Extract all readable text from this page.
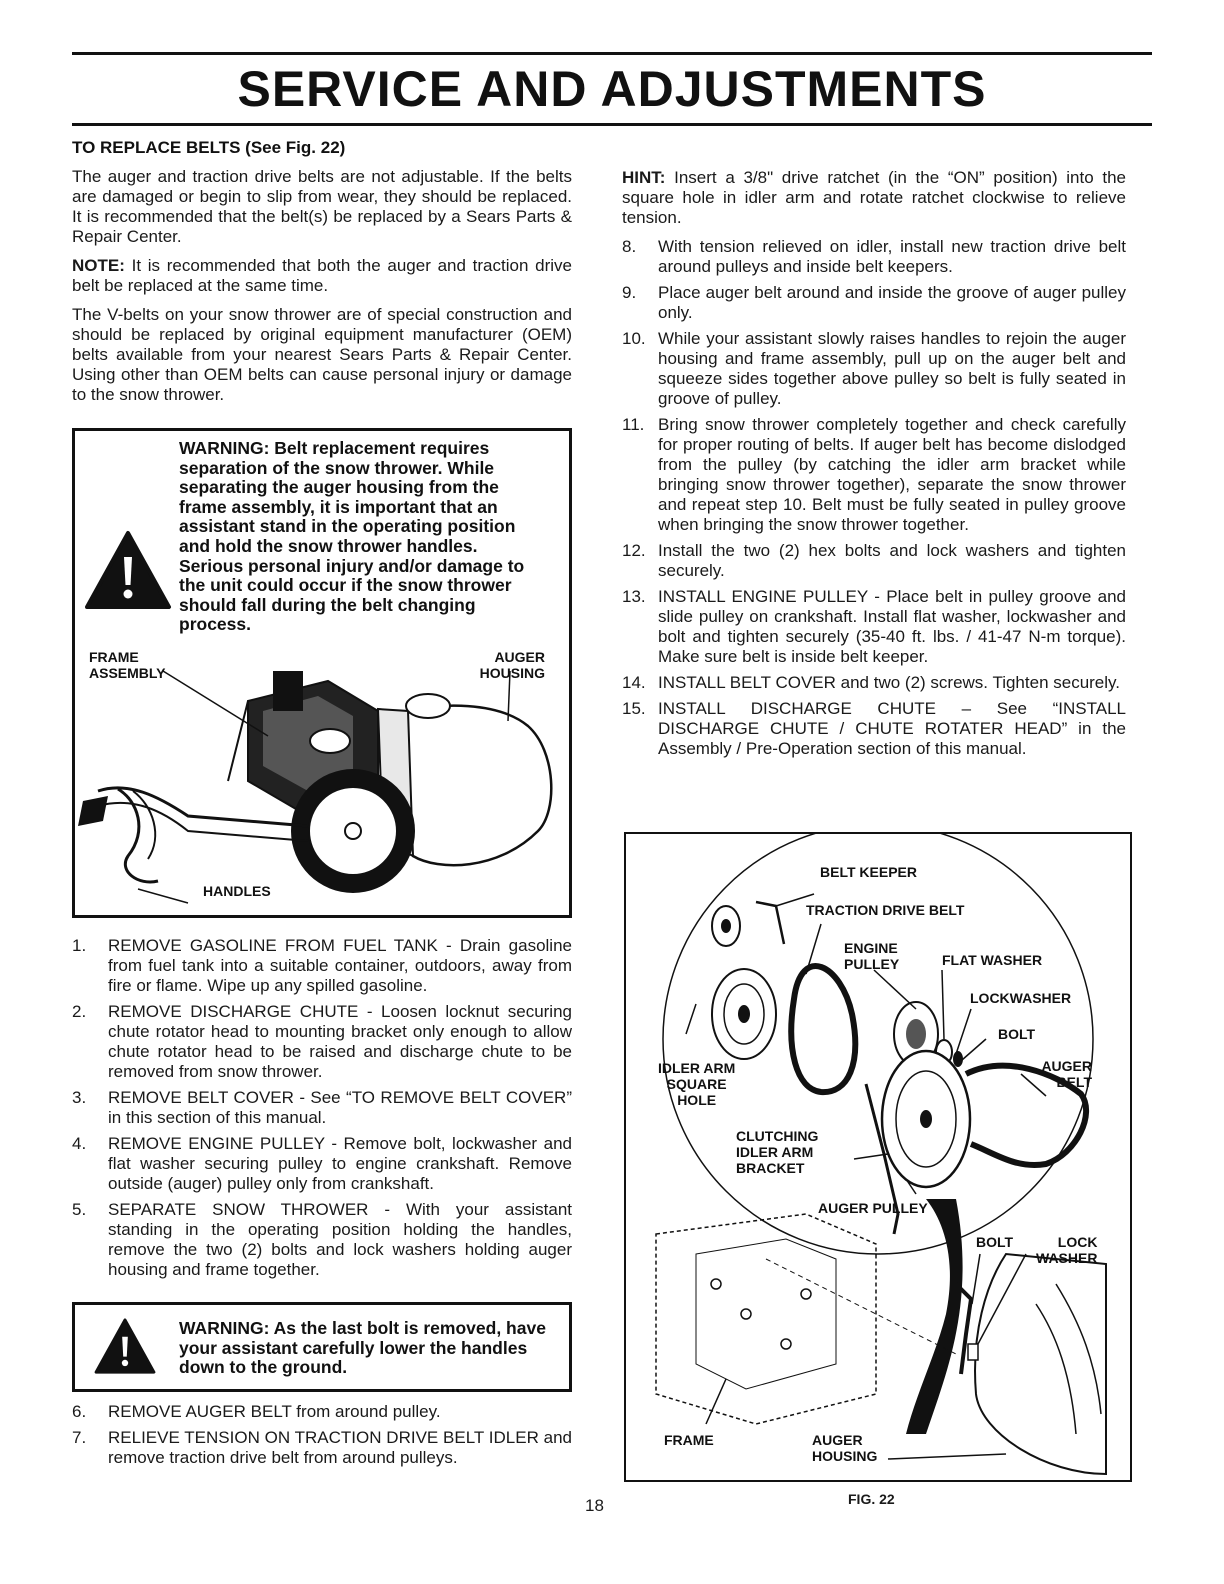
SERVICE AND ADJUSTMENTS
TO REPLACE BELTS (See Fig. 22)

The auger and traction drive belts are not adjustable. If the belts are damaged or begin to slip from wear, they should be replaced. It is recommended that the belt(s) be replaced by a Sears Parts & Repair Center.

NOTE: It is recommended that both the auger and traction drive belt be replaced at the same time.

The V-belts on your snow thrower are of special construction and should be replaced by original equipment manufacturer (OEM) belts available from your nearest Sears Parts & Repair Center. Using other than OEM belts can cause personal injury or damage to the snow thrower.

WARNING: Belt replacement requires separation of the snow thrower. While separating the auger housing from the frame assembly, it is important that an assistant stand in the operating position and hold the snow thrower handles. Serious personal injury and/or damage to the unit could occur if the snow thrower should fall during the belt changing process.
FRAME
ASSEMBLY
AUGER
HOUSING
HANDLES
1.	REMOVE GASOLINE FROM FUEL TANK - Drain gasoline from fuel tank into a suitable container, outdoors, away from fire or flame. Wipe up any spilled gasoline.
2.	REMOVE DISCHARGE CHUTE - Loosen locknut securing chute rotator head to mounting bracket only enough to allow chute rotator head to be raised and discharge chute to be removed from snow thrower.
3.	REMOVE BELT COVER - See “TO REMOVE BELT COVER” in this section of this manual.
4.	REMOVE ENGINE PULLEY - Remove bolt, lockwasher and flat washer securing pulley to engine crankshaft. Remove outside (auger) pulley only from crankshaft.
5.	SEPARATE SNOW THROWER - With your assistant standing in the operating position holding the handles, remove the two (2) bolts and lock washers holding auger housing and frame together.
WARNING: As the last bolt is removed, have your assistant carefully lower the handles down to the ground.
6.	REMOVE AUGER BELT from around pulley.
7.	RELIEVE TENSION ON TRACTION DRIVE BELT IDLER and remove traction drive belt from around pulleys.

HINT: Insert a 3/8" drive ratchet (in the “ON” position) into the square hole in idler arm and rotate ratchet clockwise to relieve tension.

8.	With tension relieved on idler, install new traction drive belt around pulleys and inside belt keepers.
9.	Place auger belt around and inside the groove of auger pulley only.
10. While your assistant slowly raises handles to rejoin the auger housing and frame assembly, pull up on the auger belt and squeeze sides together above pulley so belt is fully seated in groove of pulley.
11. Bring snow thrower completely together and check carefully for proper routing of belts. If auger belt has become dislodged from the pulley (by catching the idler arm bracket while bringing snow thrower together), separate the snow thrower and repeat step 10. Belt must be fully seated in pulley groove when bringing the snow thrower together.
12. Install the two (2) hex bolts and lock washers and tighten securely.
13. INSTALL ENGINE PULLEY - Place belt in pulley groove and slide pulley on crankshaft. Install flat washer, lockwasher and bolt and tighten securely (35-40 ft. lbs. / 41-47 N-m torque). Make sure belt is inside belt keeper.
14. INSTALL BELT COVER and two (2) screws. Tighten securely.
15. INSTALL DISCHARGE CHUTE – See “INSTALL DISCHARGE CHUTE / CHUTE ROTATER HEAD” in the Assembly / Pre-Operation section of this manual.
BELT KEEPER
TRACTION DRIVE BELT
ENGINE
PULLEY	FLAT WASHER
LOCKWASHER
BOLT
AUGER
BELT
IDLER ARM
SQUARE
HOLE
CLUTCHING
IDLER ARM
BRACKET
AUGER PULLEY
BOLT	LOCK
WASHER
FRAME	AUGER
HOUSING
FIG. 22
18
